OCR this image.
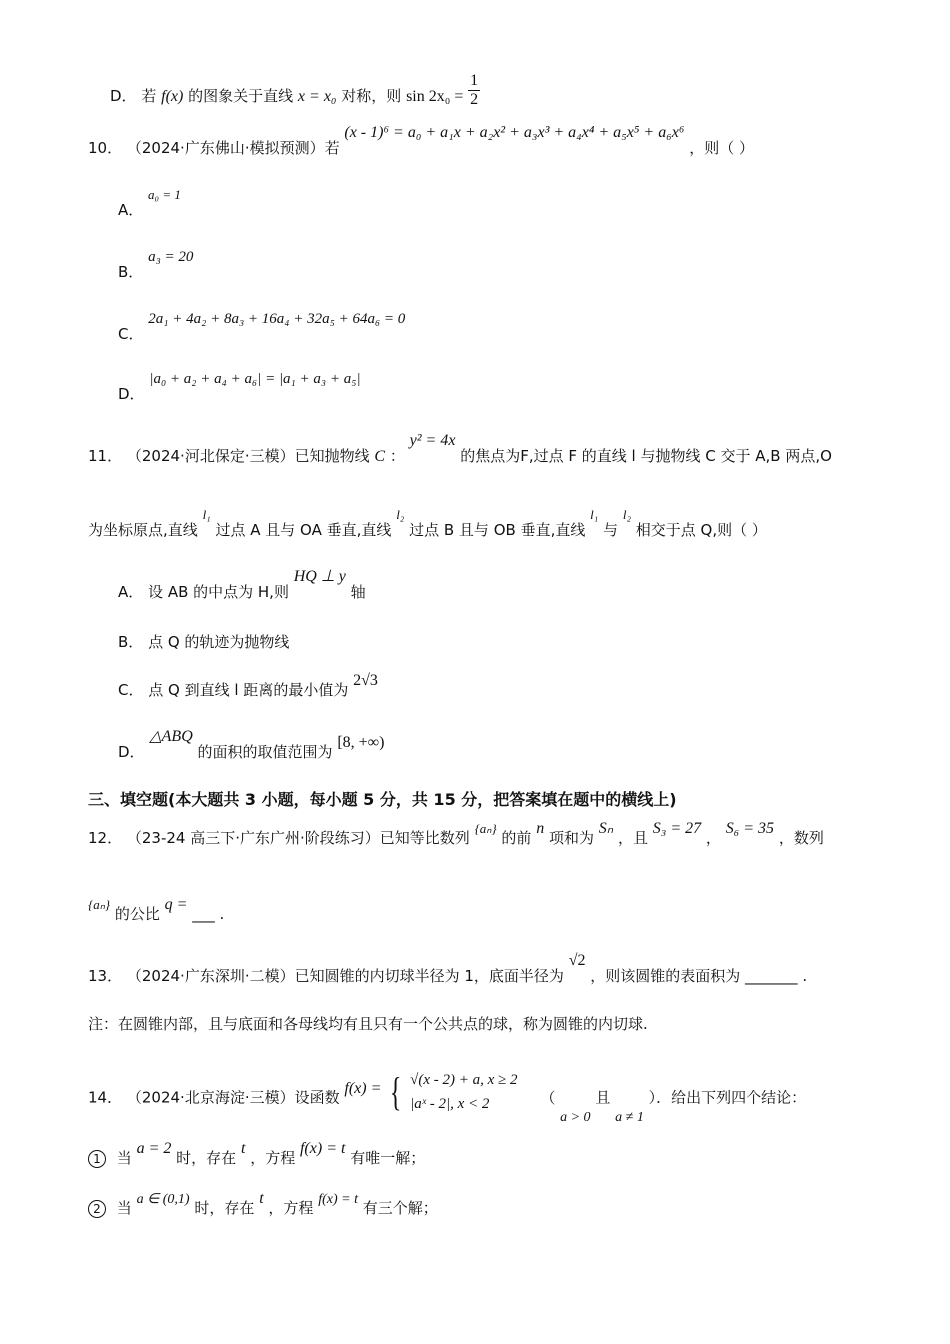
D． 若 f(x) 的图象关于直线 x = x₀ 对称，则 $\sin 2x_0 = \frac{1}{2}$
10． （2024·广东佛山·模拟预测）若 (x - 1)⁶ = a₀ + a₁x + a₂x² + a₃x³ + a₄x⁴ + a₅x⁵ + a₆x⁶ ，则（ ）
A． a₀ = 1
B． a₃ = 20
C． 2a₁ + 4a₂ + 8a₃ + 16a₄ + 32a₅ + 64a₆ = 0
D． |a₀ + a₂ + a₄ + a₆| = |a₁ + a₃ + a₅|
11． （2024·河北保定·三模）已知抛物线 C ： y² = 4x 的焦点为F,过点 F 的直线 l 与抛物线 C 交于 A,B 两点,O
为坐标原点,直线 l₁ 过点 A 且与 OA 垂直,直线 l₂ 过点 B 且与 OB 垂直,直线 l₁ 与 l₂ 相交于点 Q,则（ ）
A． 设 AB 的中点为 H,则 HQ ⊥ y 轴
B． 点 Q 的轨迹为抛物线
C． 点 Q 到直线 l 距离的最小值为 2√3
D． △ABQ 的面积的取值范围为 [8, +∞)
三、填空题(本大题共 3 小题，每小题 5 分，共 15 分，把答案填在题中的横线上)
12． （23-24 高三下·广东广州·阶段练习）已知等比数列 {aₙ} 的前 n 项和为 Sₙ ，且 S₃ = 27 ， S₆ = 35 ，数列
{aₙ} 的公比 q = ___ .
13． （2024·广东深圳·二模）已知圆锥的内切球半径为 1，底面半径为 √2 ，则该圆锥的表面积为 _______ .
注：在圆锥内部，且与底面和各母线均有且只有一个公共点的球，称为圆锥的内切球.
14． （2024·北京海淀·三模）设函数 f(x) = { √(x - 2) + a, x ≥ 2
|aˣ - 2|, x < 2	（ a > 0 且 a ≠ 1 ）．给出下列四个结论：
1 当 a = 2 时，存在 t ，方程 f(x) = t 有唯一解；
2 当 a ∈ (0,1) 时，存在 t ，方程 f(x) = t 有三个解；
